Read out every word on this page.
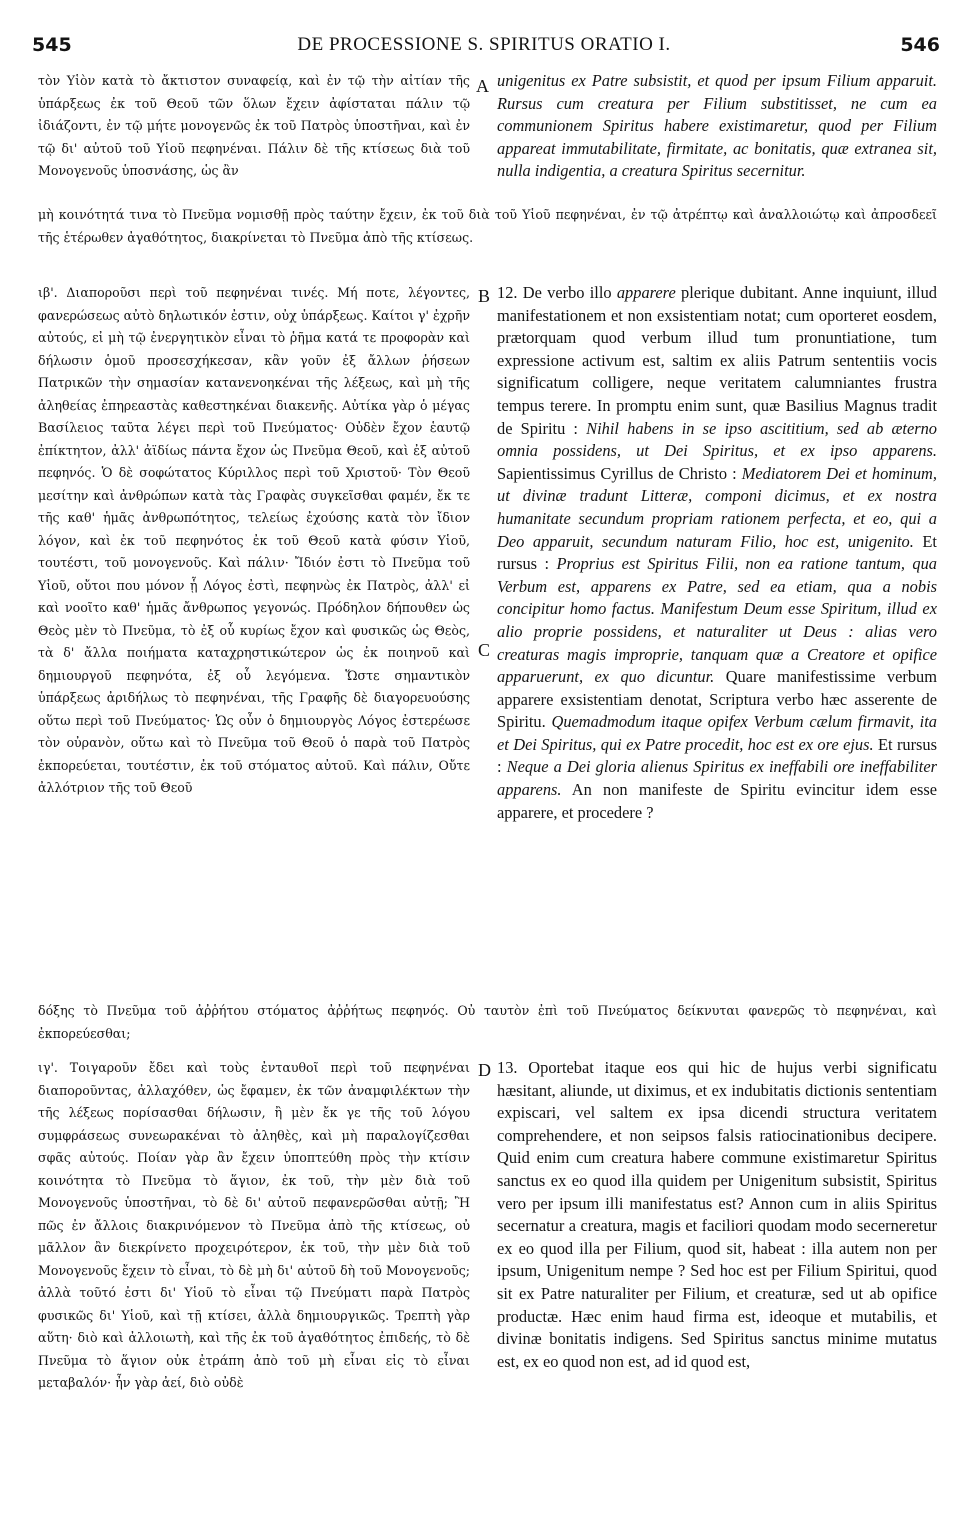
545	DE PROCESSIONE S. SPIRITUS ORATIO I.	546

τὸν Υἱὸν κατὰ τὸ ἄκτιστον συναφείᾳ, καὶ ἐν τῷ τὴν αἰτίαν τῆς ὑπάρξεως ἐκ τοῦ Θεοῦ τῶν ὅλων ἔχειν ἀφίσταται πάλιν τῷ ἰδιάζοντι, ἐν τῷ μήτε μονογενῶς ἐκ τοῦ Πατρὸς ὑποστῆναι, καὶ ἐν τῷ δι' αὐτοῦ τοῦ Υἱοῦ πεφηνέναι. Πάλιν δὲ τῆς κτίσεως διὰ τοῦ Μονογενοῦς ὑποσνάσης, ὡς ἂν

A unigenitus ex Patre subsistit, et quod per ipsum Filium apparuit. Rursus cum creatura per Filium substitisset, ne cum ea communionem Spiritus habere existimaretur, quod per Filium appareat immutabilitate, firmitate, ac bonitatis, quæ extranea sit, nulla indigentia, a creatura Spiritus secernitur.

μὴ κοινότητά τινα τὸ Πνεῦμα νομισθῇ πρὸς ταύτην ἔχειν, ἐκ τοῦ διὰ τοῦ Υἱοῦ πεφηνέναι, ἐν τῷ ἀτρέπτῳ καὶ ἀναλλοιώτῳ καὶ ἀπροσδεεῖ τῆς ἑτέρωθεν ἀγαθότητος, διακρίνεται τὸ Πνεῦμα ἀπὸ τῆς κτίσεως.

ιβ'. Διαποροῦσι περὶ τοῦ πεφηνέναι τινές. Μή ποτε, λέγοντες, φανερώσεως αὐτὸ δηλωτικόν ἐστιν, οὐχ ὑπάρξεως. Καίτοι γ' ἐχρῆν αὐτούς, εἰ μὴ τῷ ἐνεργητικὸν εἶναι τὸ ῥῆμα κατά τε προφορὰν καὶ δήλωσιν ὁμοῦ προσεσχήκεσαν, κἂν γοῦν ἐξ ἄλλων ῥήσεων Πατρικῶν τὴν σημασίαν κατανενοηκέναι τῆς λέξεως, καὶ μὴ τῆς ἀληθείας ἐπηρεαστὰς καθεστηκέναι διακενῆς. Αὐτίκα γὰρ ὁ μέγας Βασίλειος ταῦτα λέγει περὶ τοῦ Πνεύματος· Οὐδὲν ἔχον ἑαυτῷ ἐπίκτητον, ἀλλ' ἀϊδίως πάντα ἔχον ὡς Πνεῦμα Θεοῦ, καὶ ἐξ αὐτοῦ πεφηνός. Ὁ δὲ σοφώτατος Κύριλλος περὶ τοῦ Χριστοῦ· Τὸν Θεοῦ μεσίτην καὶ ἀνθρώπων κατὰ τὰς Γραφὰς συγκεῖσθαι φαμέν, ἔκ τε τῆς καθ' ἡμᾶς ἀνθρωπότητος, τελείως ἐχούσης κατὰ τὸν ἴδιον λόγον, καὶ ἐκ τοῦ πεφηνότος ἐκ τοῦ Θεοῦ κατὰ φύσιν Υἱοῦ, τουτέστι, τοῦ μονογενοῦς. Καὶ πάλιν· Ἴδιόν ἐστι τὸ Πνεῦμα τοῦ Υἱοῦ, οὔτοι που μόνον ᾗ Λόγος ἐστὶ, πεφηνὼς ἐκ Πατρὸς, ἀλλ' εἰ καὶ νοοῖτο καθ' ἡμᾶς ἄνθρωπος γεγονώς. Πρόδηλον δήπουθεν ὡς Θεὸς μὲν τὸ Πνεῦμα, τὸ ἐξ οὗ κυρίως ἔχον καὶ φυσικῶς ὡς Θεὸς, τὰ δ' ἄλλα ποιήματα καταχρηστικώτερον ὡς ἐκ ποιηνοῦ καὶ δημιουργοῦ πεφηνότα, ἐξ οὗ λεγόμενα. Ὥστε σημαντικὸν ὑπάρξεως ἀριδήλως τὸ πεφηνέναι, τῆς Γραφῆς δὲ διαγορευούσης οὕτω περὶ τοῦ Πνεύματος· Ὡς οὖν ὁ δημιουργὸς Λόγος ἐστερέωσε τὸν οὐρανὸν, οὕτω καὶ τὸ Πνεῦμα τοῦ Θεοῦ ὁ παρὰ τοῦ Πατρὸς ἐκπορεύεται, τουτέστιν, ἐκ τοῦ στόματος αὐτοῦ. Καὶ πάλιν, Οὔτε ἀλλότριον τῆς τοῦ Θεοῦ

B
C

12. De verbo illo apparere plerique dubitant. Anne inquiunt, illud manifestationem et non exsistentiam notat; cum oporteret eosdem, prætorquam quod verbum illud tum pronuntiatione, tum expressione activum est, saltim ex aliis Patrum sententiis vocis significatum colligere, neque veritatem calumniantes frustra tempus terere. In promptu enim sunt, quæ Basilius Magnus tradit de Spiritu : Nihil habens in se ipso ascititium, sed ab æterno omnia possidens, ut Dei Spiritus, et ex ipso apparens. Sapientissimus Cyrillus de Christo : Mediatorem Dei et hominum, ut divinæ tradunt Litteræ, componi dicimus, et ex nostra humanitate secundum propriam rationem perfecta, et eo, qui a Deo apparuit, secundum naturam Filio, hoc est, unigenito. Et rursus : Proprius est Spiritus Filii, non ea ratione tantum, qua Verbum est, apparens ex Patre, sed ea etiam, qua a nobis concipitur homo factus. Manifestum Deum esse Spiritum, illud ex alio proprie possidens, et naturaliter ut Deus : alias vero creaturas magis improprie, tanquam quæ a Creatore et opifice apparuerunt, ex quo dicuntur. Quare manifestissime verbum apparere exsistentiam denotat, Scriptura verbo hæc asserente de Spiritu. Quemadmodum itaque opifex Verbum cælum firmavit, ita et Dei Spiritus, qui ex Patre procedit, hoc est ex ore ejus. Et rursus : Neque a Dei gloria alienus Spiritus ex ineffabili ore ineffabiliter apparens. An non manifeste de Spiritu evincitur idem esse apparere, et procedere ?

δόξης τὸ Πνεῦμα τοῦ ἀῤῥήτου στόματος ἀῤῥήτως πεφηνός. Οὐ ταυτὸν ἐπὶ τοῦ Πνεύματος δείκνυται φανερῶς τὸ πεφηνέναι, καὶ ἐκπορεύεσθαι;

ιγ'. Τοιγαροῦν ἔδει καὶ τοὺς ἐνταυθοῖ περὶ τοῦ πεφηνέναι διαποροῦντας, ἀλλαχόθεν, ὡς ἔφαμεν, ἐκ τῶν ἀναμφιλέκτων τὴν τῆς λέξεως πορίσασθαι δήλωσιν, ἢ μὲν ἔκ γε τῆς τοῦ λόγου συμφράσεως συνεωρακέναι τὸ ἀληθὲς, καὶ μὴ παραλογίζεσθαι σφᾶς αὐτούς. Ποίαν γὰρ ἂν ἔχειν ὑποπτεύθη πρὸς τὴν κτίσιν κοινότητα τὸ Πνεῦμα τὸ ἅγιον, ἐκ τοῦ, τὴν μὲν διὰ τοῦ Μονογενοῦς ὑποστῆναι, τὸ δὲ δι' αὐτοῦ πεφανερῶσθαι αὐτῇ; Ἢ πῶς ἐν ἄλλοις διακρινόμενον τὸ Πνεῦμα ἀπὸ τῆς κτίσεως, οὐ μᾶλλον ἂν διεκρίνετο προχειρότερον, ἐκ τοῦ, τὴν μὲν διὰ τοῦ Μονογενοῦς ἔχειν τὸ εἶναι, τὸ δὲ μὴ δι' αὐτοῦ δὴ τοῦ Μονογενοῦς; ἀλλὰ τοῦτό ἐστι δι' Υἱοῦ τὸ εἶναι τῷ Πνεύματι παρὰ Πατρὸς φυσικῶς δι' Υἱοῦ, καὶ τῇ κτίσει, ἀλλὰ δημιουργικῶς. Τρεπτὴ γὰρ αὕτη· διὸ καὶ ἀλλοιωτὴ, καὶ τῆς ἐκ τοῦ ἀγαθότητος ἐπιδεής, τὸ δὲ Πνεῦμα τὸ ἅγιον οὐκ ἐτράπη ἀπὸ τοῦ μὴ εἶναι εἰς τὸ εἶναι μεταβαλόν· ἦν γὰρ ἀεί, διὸ οὐδὲ

D 13. Oportebat itaque eos qui hic de hujus verbi significatu hæsitant, aliunde, ut diximus, et ex indubitatis dictionis sententiam expiscari, vel saltem ex ipsa dicendi structura veritatem comprehendere, et non seipsos falsis ratiocinationibus decipere. Quid enim cum creatura habere commune existimaretur Spiritus sanctus ex eo quod illa quidem per Unigenitum subsistit, Spiritus vero per ipsum illi manifestatus est? Annon cum in aliis Spiritus secernatur a creatura, magis et faciliori quodam modo secerneretur ex eo quod illa per Filium, quod sit, habeat : illa autem non per ipsum, Unigenitum nempe ? Sed hoc est per Filium Spiritui, quod sit ex Patre naturaliter per Filium, et creaturæ, sed ut ab opifice productæ. Hæc enim haud firma est, ideoque et mutabilis, et divinæ bonitatis indigens. Sed Spiritus sanctus minime mutatus est, ex eo quod non est, ad id quod est,
